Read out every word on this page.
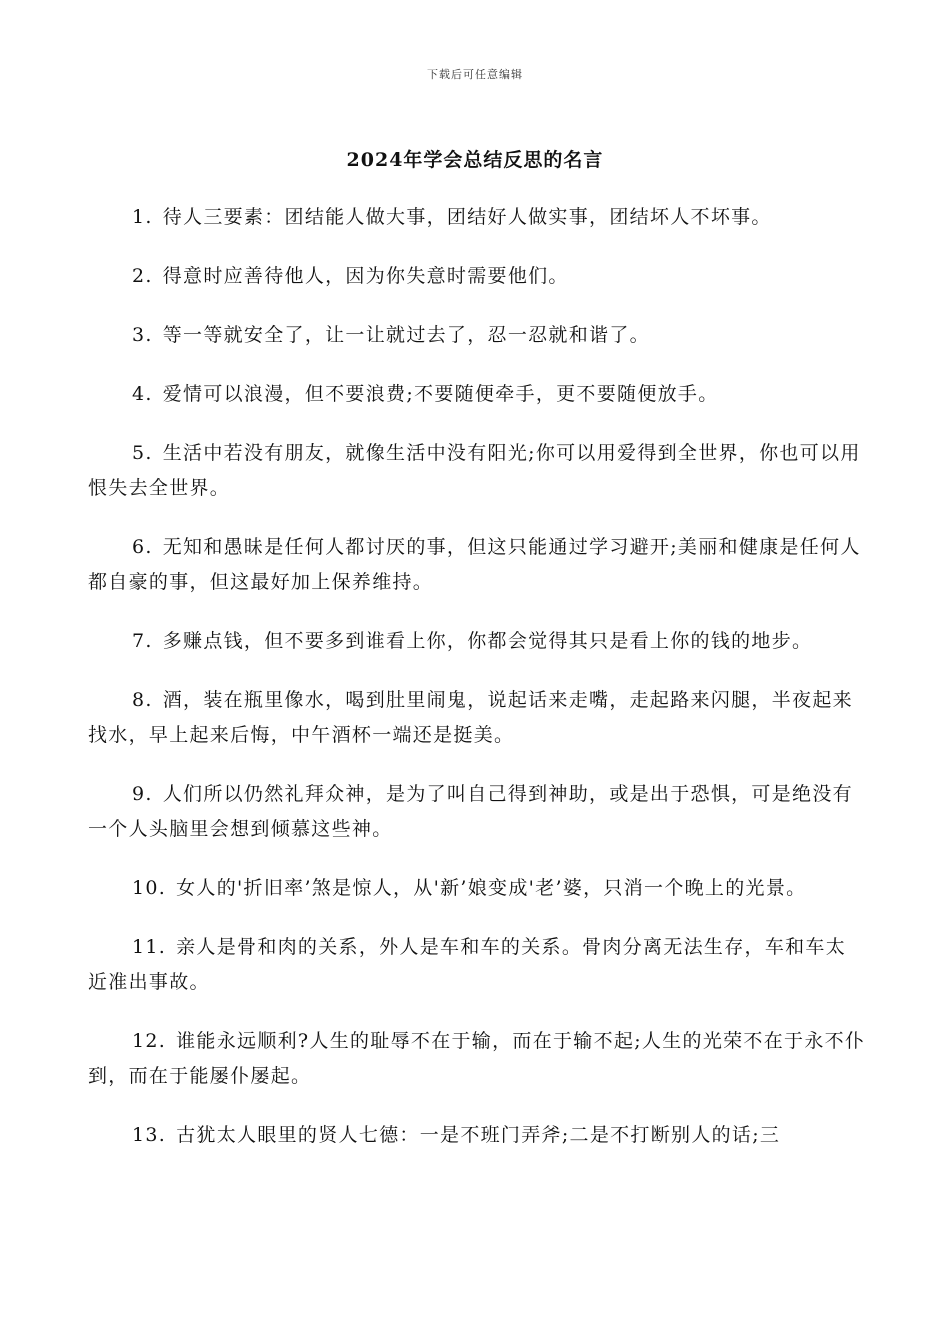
下载后可任意编辑
2024年学会总结反思的名言

1. 待人三要素：团结能人做大事，团结好人做实事，团结坏人不坏事。

2. 得意时应善待他人，因为你失意时需要他们。

3. 等一等就安全了，让一让就过去了，忍一忍就和谐了。

4. 爱情可以浪漫，但不要浪费;不要随便牵手，更不要随便放手。

5. 生活中若没有朋友，就像生活中没有阳光;你可以用爱得到全世界，你也可以用恨失去全世界。

6. 无知和愚昧是任何人都讨厌的事，但这只能通过学习避开;美丽和健康是任何人都自豪的事，但这最好加上保养维持。

7. 多赚点钱，但不要多到谁看上你，你都会觉得其只是看上你的钱的地步。

8. 酒，装在瓶里像水，喝到肚里闹鬼，说起话来走嘴，走起路来闪腿，半夜起来找水，早上起来后悔，中午酒杯一端还是挺美。

9. 人们所以仍然礼拜众神，是为了叫自己得到神助，或是出于恐惧，可是绝没有一个人头脑里会想到倾慕这些神。

10. 女人的'折旧率’煞是惊人，从'新’娘变成'老’婆，只消一个晚上的光景。

11. 亲人是骨和肉的关系，外人是车和车的关系。骨肉分离无法生存，车和车太近准出事故。

12. 谁能永远顺利?人生的耻辱不在于输，而在于输不起;人生的光荣不在于永不仆到，而在于能屡仆屡起。

13. 古犹太人眼里的贤人七德：一是不班门弄斧;二是不打断别人的话;三
